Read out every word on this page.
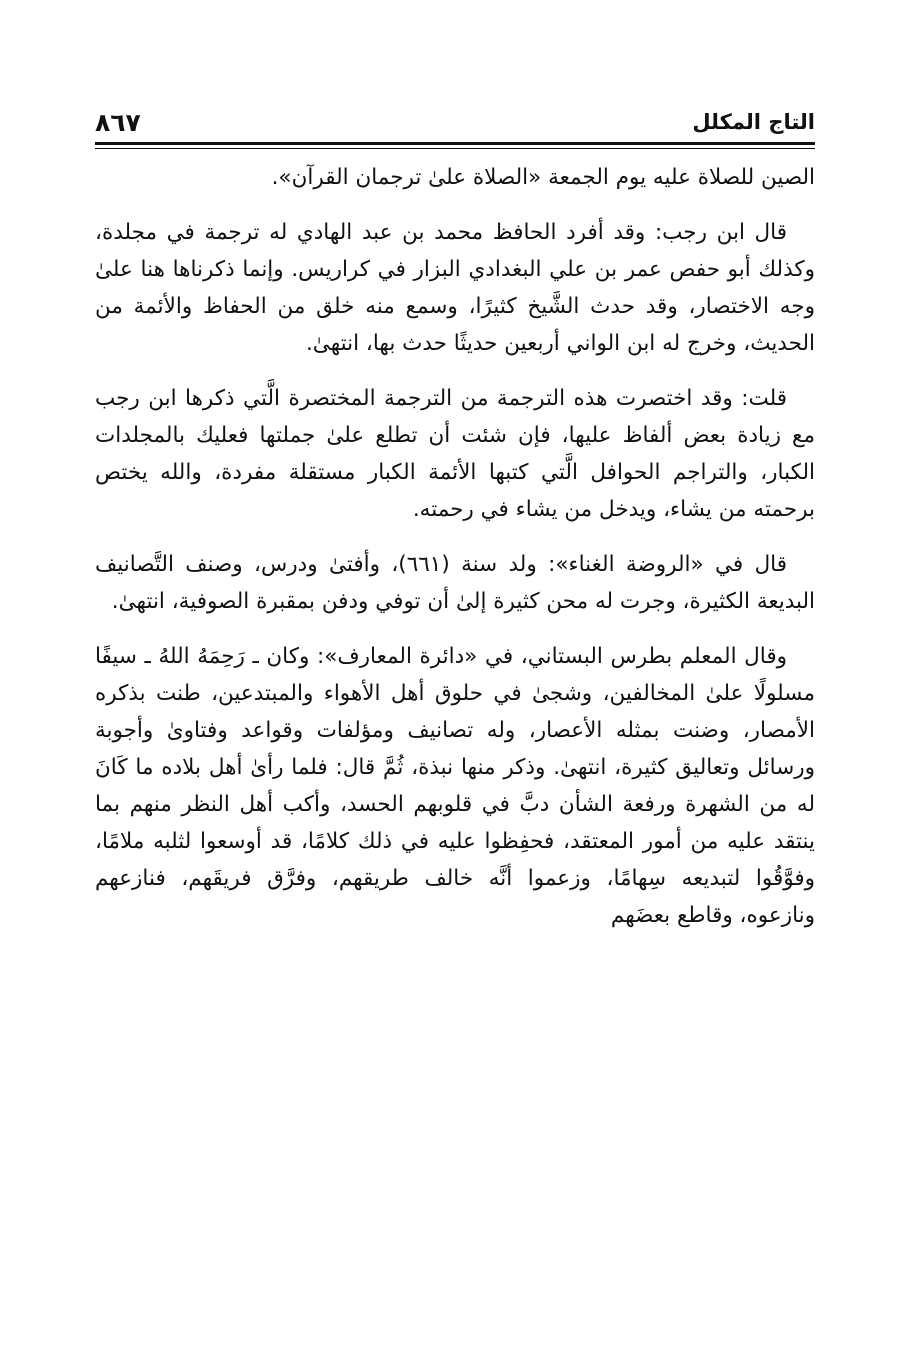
التاج المكلل
٨٦٧

الصين للصلاة عليه يوم الجمعة «الصلاة علىٰ ترجمان القرآن».

قال ابن رجب: وقد أفرد الحافظ محمد بن عبد الهادي له ترجمة في مجلدة، وكذلك أبو حفص عمر بن علي البغدادي البزار في كراريس. وإنما ذكرناها هنا علىٰ وجه الاختصار، وقد حدث الشَّيخ كثيرًا، وسمع منه خلق من الحفاظ والأئمة من الحديث، وخرج له ابن الواني أربعين حديثًا حدث بها، انتهىٰ.

قلت: وقد اختصرت هذه الترجمة من الترجمة المختصرة الَّتي ذكرها ابن رجب مع زيادة بعض ألفاظ عليها، فإن شئت أن تطلع علىٰ جملتها فعليك بالمجلدات الكبار، والتراجم الحوافل الَّتي كتبها الأئمة الكبار مستقلة مفردة، والله يختص برحمته من يشاء، ويدخل من يشاء في رحمته.

قال في «الروضة الغناء»: ولد سنة (٦٦١)، وأفتىٰ ودرس، وصنف التَّصانيف البديعة الكثيرة، وجرت له محن كثيرة إلىٰ أن توفي ودفن بمقبرة الصوفية، انتهىٰ.

وقال المعلم بطرس البستاني، في «دائرة المعارف»: وكان ـ رَحِمَهُ اللهُ ـ سيفًا مسلولًا علىٰ المخالفين، وشجىٰ في حلوق أهل الأهواء والمبتدعين، طنت بذكره الأمصار، وضنت بمثله الأعصار، وله تصانيف ومؤلفات وقواعد وفتاوىٰ وأجوبة ورسائل وتعاليق كثيرة، انتهىٰ. وذكر منها نبذة، ثُمَّ قال: فلما رأىٰ أهل بلاده ما كَانَ له من الشهرة ورفعة الشأن دبَّ في قلوبهم الحسد، وأكب أهل النظر منهم بما ينتقد عليه من أمور المعتقد، فحفِظوا عليه في ذلك كلامًا، قد أوسعوا لثلبه ملامًا، وفوَّقُوا لتبديعه سِهامًا، وزعموا أنَّه خالف طريقهم، وفرَّق فريقَهم، فنازعهم ونازعوه، وقاطع بعضَهم
